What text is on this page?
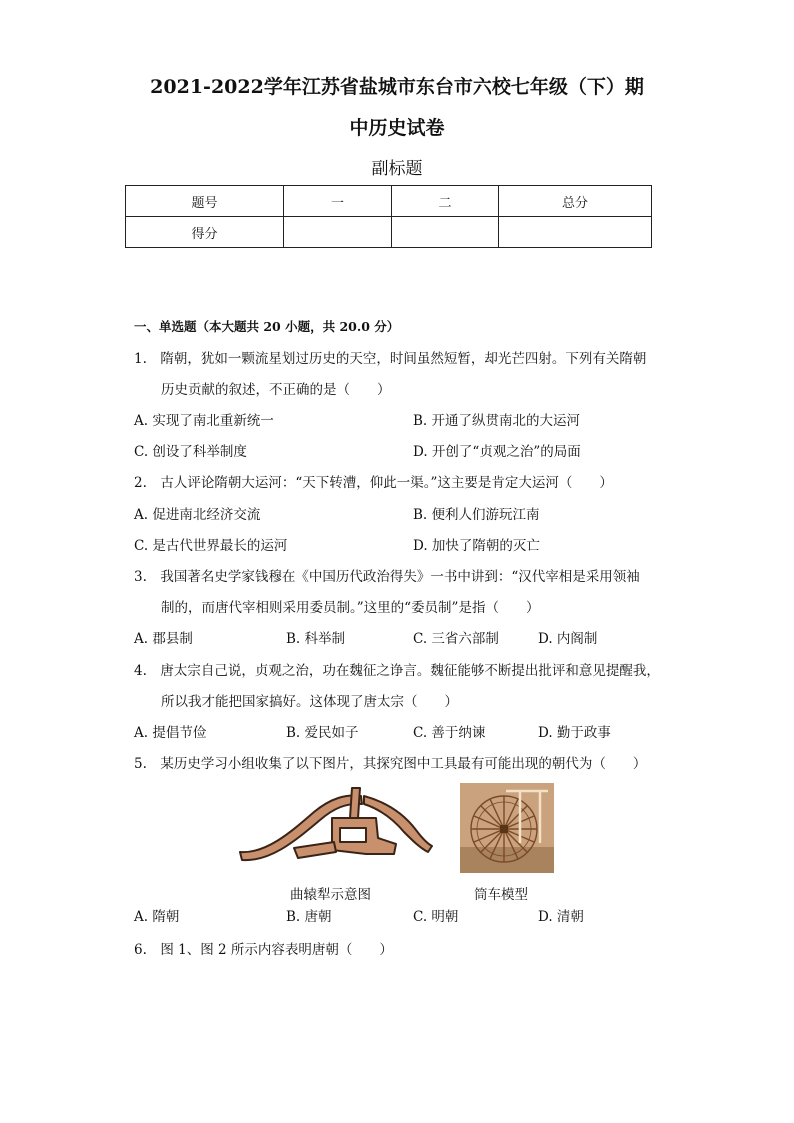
2021-2022学年江苏省盐城市东台市六校七年级（下）期
中历史试卷
副标题
题号	一	二	总分
得分			
一、单选题（本大题共 20 小题，共 20.0 分）
1.　隋朝，犹如一颗流星划过历史的天空，时间虽然短暂，却光芒四射。下列有关隋朝
历史贡献的叙述，不正确的是（　　）
A. 实现了南北重新统一	B. 开通了纵贯南北的大运河
C. 创设了科举制度	D. 开创了“贞观之治”的局面
2.　古人评论隋朝大运河：“天下转漕，仰此一渠。”这主要是肯定大运河（　　）
A. 促进南北经济交流	B. 便利人们游玩江南
C. 是古代世界最长的运河	D. 加快了隋朝的灭亡
3.　我国著名史学家钱穆在《中国历代政治得失》一书中讲到：“汉代宰相是采用领袖
制的，而唐代宰相则采用委员制。”这里的“委员制”是指（　　）
A. 郡县制	B. 科举制	C. 三省六部制	D. 内阁制
4.　唐太宗自己说，贞观之治，功在魏征之诤言。魏征能够不断提出批评和意见提醒我，
所以我才能把国家搞好。这体现了唐太宗（　　）
A. 提倡节俭	B. 爱民如子	C. 善于纳谏	D. 勤于政事
5.　某历史学习小组收集了以下图片，其探究图中工具最有可能出现的朝代为（　　）
曲辕犁示意图	筒车模型
A. 隋朝	B. 唐朝	C. 明朝	D. 清朝
6.　图 1、图 2 所示内容表明唐朝（　　）
